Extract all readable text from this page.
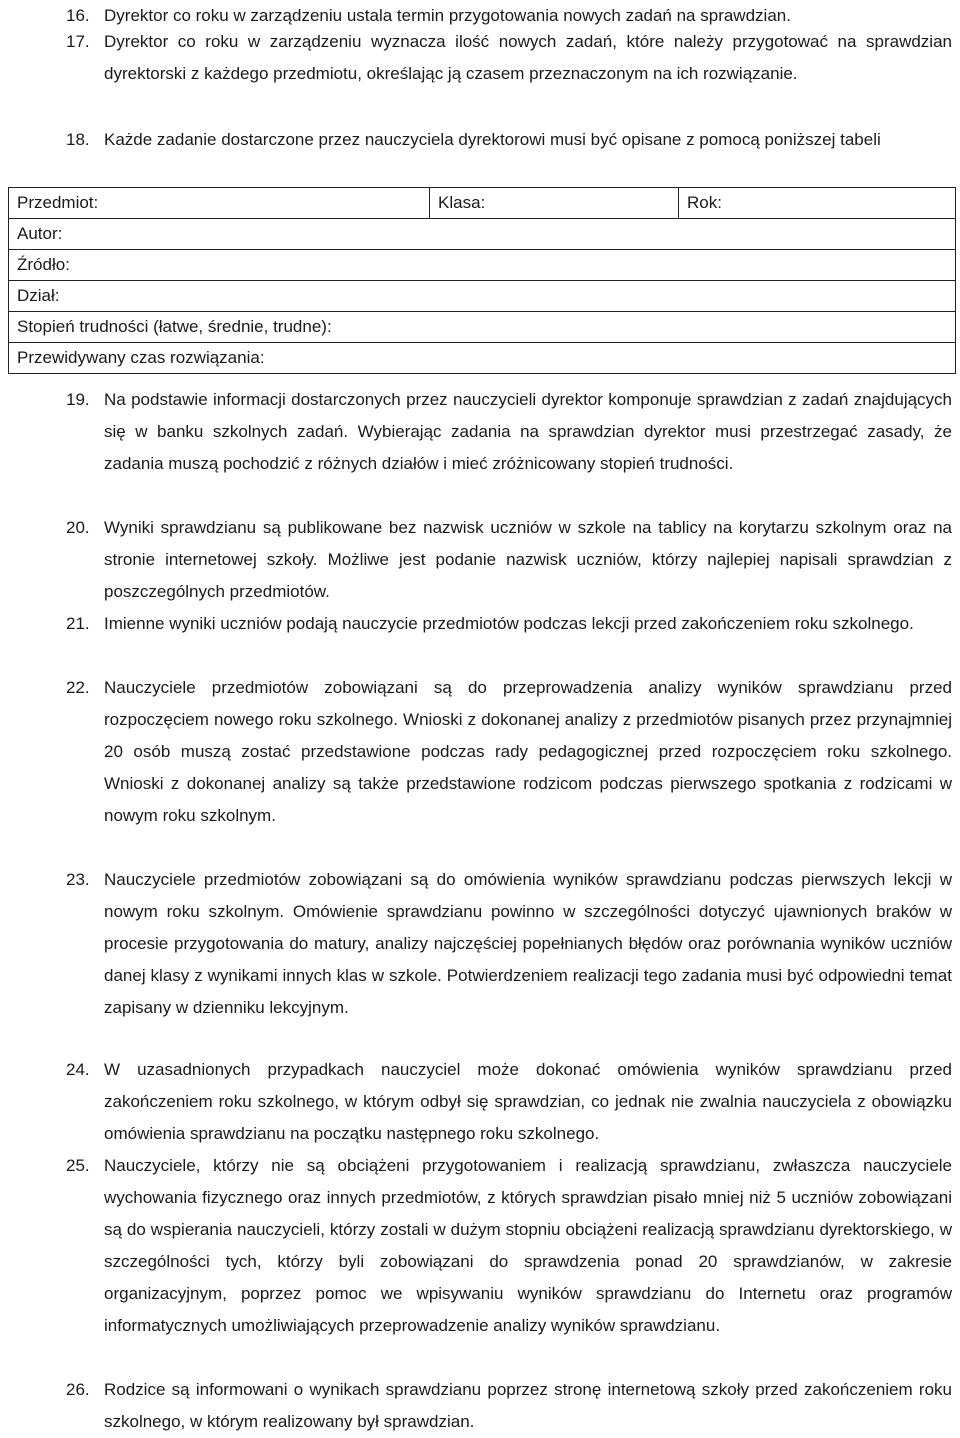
16. Dyrektor co roku w zarządzeniu ustala termin przygotowania nowych zadań na sprawdzian.
17. Dyrektor co roku w zarządzeniu wyznacza ilość nowych zadań, które należy przygotować na sprawdzian dyrektorski z każdego przedmiotu, określając ją czasem przeznaczonym na ich rozwiązanie.
18. Każde zadanie dostarczone przez nauczyciela dyrektorowi musi być opisane z pomocą poniższej tabeli
Przedmiot:	Klasa:	Rok:
Autor:
Źródło:
Dział:
Stopień trudności (łatwe, średnie, trudne):
Przewidywany czas rozwiązania:
19. Na podstawie informacji dostarczonych przez nauczycieli dyrektor komponuje sprawdzian z zadań znajdujących się w banku szkolnych zadań. Wybierając zadania na sprawdzian dyrektor musi przestrzegać zasady, że zadania muszą pochodzić z różnych działów i mieć zróżnicowany stopień trudności.
20. Wyniki sprawdzianu są publikowane bez nazwisk uczniów w szkole na tablicy na korytarzu szkolnym oraz na stronie internetowej szkoły. Możliwe jest podanie nazwisk uczniów, którzy najlepiej napisali sprawdzian z poszczególnych przedmiotów.
21. Imienne wyniki uczniów podają nauczycie przedmiotów podczas lekcji przed zakończeniem roku szkolnego.
22. Nauczyciele przedmiotów zobowiązani są do przeprowadzenia analizy wyników sprawdzianu przed rozpoczęciem nowego roku szkolnego. Wnioski z dokonanej analizy z przedmiotów pisanych przez przynajmniej 20 osób muszą zostać przedstawione podczas rady pedagogicznej przed rozpoczęciem roku szkolnego. Wnioski z dokonanej analizy są także przedstawione rodzicom podczas pierwszego spotkania z rodzicami w nowym roku szkolnym.
23. Nauczyciele przedmiotów zobowiązani są do omówienia wyników sprawdzianu podczas pierwszych lekcji w nowym roku szkolnym. Omówienie sprawdzianu powinno w szczególności dotyczyć ujawnionych braków w procesie przygotowania do matury, analizy najczęściej popełnianych błędów oraz porównania wyników uczniów danej klasy z wynikami innych klas w szkole. Potwierdzeniem realizacji tego zadania musi być odpowiedni temat zapisany w dzienniku lekcyjnym.
24. W uzasadnionych przypadkach nauczyciel może dokonać omówienia wyników sprawdzianu przed zakończeniem roku szkolnego, w którym odbył się sprawdzian, co jednak nie zwalnia nauczyciela z obowiązku omówienia sprawdzianu na początku następnego roku szkolnego.
25. Nauczyciele, którzy nie są obciążeni przygotowaniem i realizacją sprawdzianu, zwłaszcza nauczyciele wychowania fizycznego oraz innych przedmiotów, z których sprawdzian pisało mniej niż 5 uczniów zobowiązani są do wspierania nauczycieli, którzy zostali w dużym stopniu obciążeni realizacją sprawdzianu dyrektorskiego, w szczególności tych, którzy byli zobowiązani do sprawdzenia ponad 20 sprawdzianów, w zakresie organizacyjnym, poprzez pomoc we wpisywaniu wyników sprawdzianu do Internetu oraz programów informatycznych umożliwiających przeprowadzenie analizy wyników sprawdzianu.
26. Rodzice są informowani o wynikach sprawdzianu poprzez stronę internetową szkoły przed zakończeniem roku szkolnego, w którym realizowany był sprawdzian.
